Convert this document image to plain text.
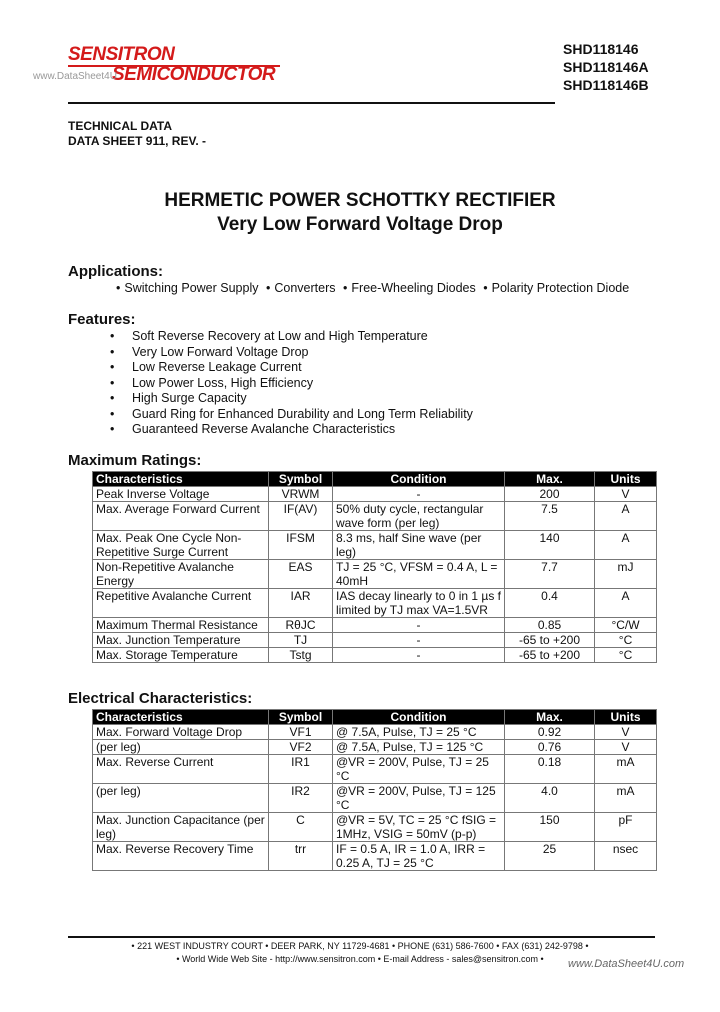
SENSITRON
SEMICONDUCTOR
www.DataSheet4U
SHD118146
SHD118146A
SHD118146B
TECHNICAL DATA
DATA SHEET 911, REV. -
HERMETIC POWER SCHOTTKY RECTIFIER
Very Low Forward Voltage Drop
Applications:
• Switching Power Supply • Converters • Free-Wheeling Diodes • Polarity Protection Diode
Features:
• Soft Reverse Recovery at Low and High Temperature
• Very Low Forward Voltage Drop
• Low Reverse Leakage Current
• Low Power Loss, High Efficiency
• High Surge Capacity
• Guard Ring for Enhanced Durability and Long Term Reliability
• Guaranteed Reverse Avalanche Characteristics
Maximum Ratings:
Characteristics	Symbol	Condition	Max.	Units
Peak Inverse Voltage	VRWM	-	200	V
Max. Average Forward Current	IF(AV)	50% duty cycle, rectangular wave form (per leg)	7.5	A
Max. Peak One Cycle Non-Repetitive Surge Current	IFSM	8.3 ms, half Sine wave (per leg)	140	A
Non-Repetitive Avalanche Energy	EAS	TJ = 25 °C, VFSM = 0.4 A, L = 40mH	7.7	mJ
Repetitive Avalanche Current	IAR	IAS decay linearly to 0 in 1 µs f limited by TJ max VA=1.5VR	0.4	A
Maximum Thermal Resistance	RθJC	-	0.85	°C/W
Max. Junction Temperature	TJ	-	-65 to +200	°C
Max. Storage Temperature	Tstg	-	-65 to +200	°C
Electrical Characteristics:
Characteristics	Symbol	Condition	Max.	Units
Max. Forward Voltage Drop	VF1	@ 7.5A, Pulse, TJ = 25 °C	0.92	V
(per leg)	VF2	@ 7.5A, Pulse, TJ = 125 °C	0.76	V
Max. Reverse Current	IR1	@VR = 200V, Pulse, TJ = 25 °C	0.18	mA
(per leg)	IR2	@VR = 200V, Pulse, TJ = 125 °C	4.0	mA
Max. Junction Capacitance (per leg)	C	@VR = 5V, TC = 25 °C fSIG = 1MHz, VSIG = 50mV (p-p)	150	pF
Max. Reverse Recovery Time	trr	IF = 0.5 A, IR = 1.0 A, IRR = 0.25 A, TJ = 25 °C	25	nsec
• 221 WEST INDUSTRY COURT • DEER PARK, NY 11729-4681 • PHONE (631) 586-7600 • FAX (631) 242-9798 •
• World Wide Web Site - http://www.sensitron.com • E-mail Address - sales@sensitron.com •	www.DataSheet4U.com
